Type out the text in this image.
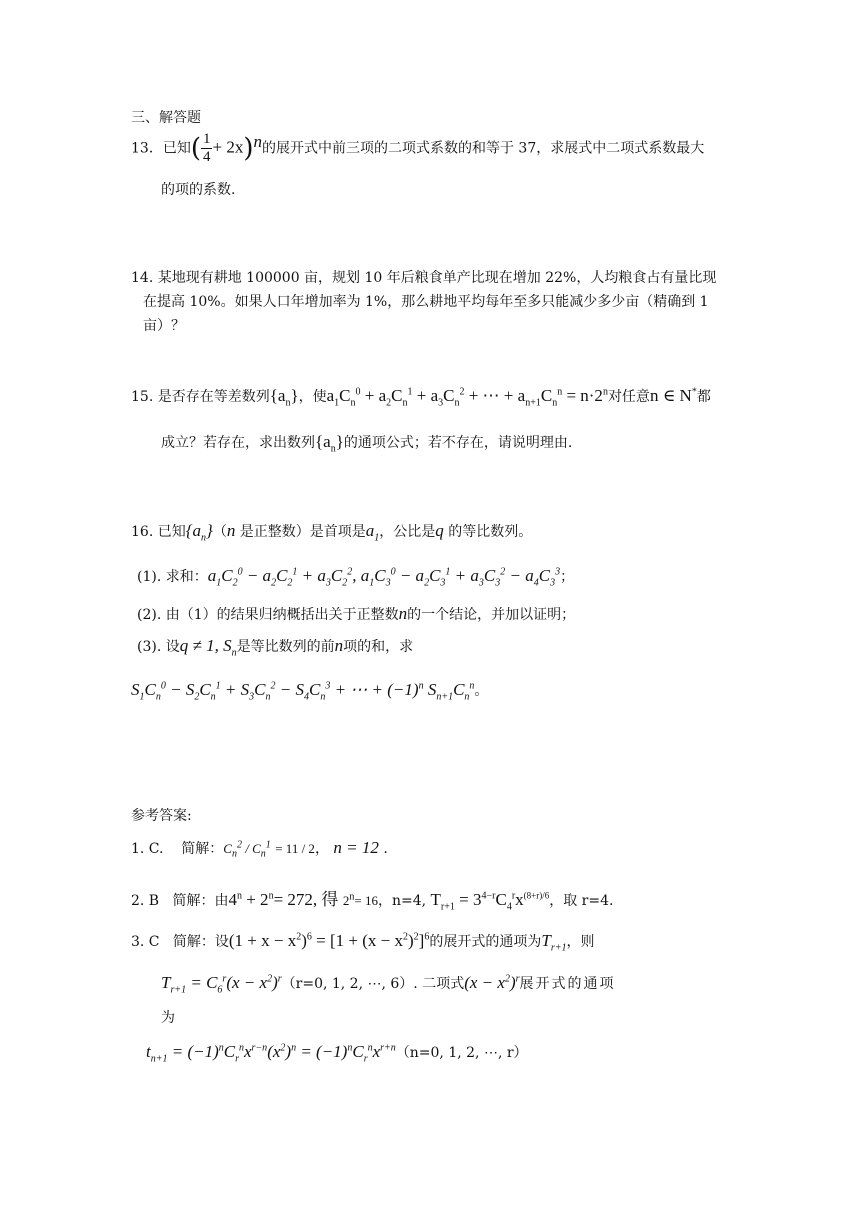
三、解答题
13．已知( $\frac{1}{4} + 2x)^n$的展开式中前三项的二项式系数的和等于 37，求展式中二项式系数最大
的项的系数.
14. 某地现有耕地 100000 亩，规划 10 年后粮食单产比现在增加 22%，人均粮食占有量比现
在提高 10%。如果人口年增加率为 1%，那么耕地平均每年至多只能减少多少亩（精确到 1
亩）？
15. 是否存在等差数列$\{a_n\}$，使$a_1C_n^0 + a_2C_n^1 + a_3C_n^2$ + ⋯ + $a_{n+1}C_n^n = n\cdot 2^n$对任意n ∈ N*都
成立？若存在，求出数列$\{a_n\}$的通项公式；若不存在，请说明理由.
16. 已知$\{a_n\}(n$ 是正整数）是首项是$a_1$，公比是q 的等比数列。
(1). 求和：$a_1C_2^0 - a_2C_2^1 + a_3C_2^2$, $a_1C_3^0 - a_2C_3^1 + a_3C_3^2 - a_4C_3^3$；
(2). 由（1）的结果归纳概括出关于正整数n的一个结论，并加以证明；
(3). 设q ≠ 1, $S_n$是等比数列的前n项的和，求
$S_1C_n^0 - S_2C_n^1 + S_3C_n^2 - S_4C_n^3$ + ⋯ + $(-1)^n$ $S_{n+1}C_n^n$。
参考答案:
1. C. 简解：$C_n^2 / C_n^1 = 11 / 2$， n = 12 .
2. B 简解：由$4^n + 2^n= 272$, 得 $2^n= 16$，n=4, $T_{r+1} = 3^{4-r}C_4^rx^{(8+r)/6}$，取 r=4.
3. C 简解：设$(1 + x - x^2)^6 = [1 + (x - x^2)^2]^6$的展开式的通项为$T_{r+1}$，则
$T_{r+1} = C_6^r(x - x^2)^r(r=0$, 1, 2, ⋯, 6）. 二项式$(x - x^2)^r$展开式的通项
为
$t_{n+1} = (-1)^nC_r^nx^{r-n}(x^2)^n = (-1)^nC_r^nx^{r+n}(n=0$, 1, 2, ⋯, r）
